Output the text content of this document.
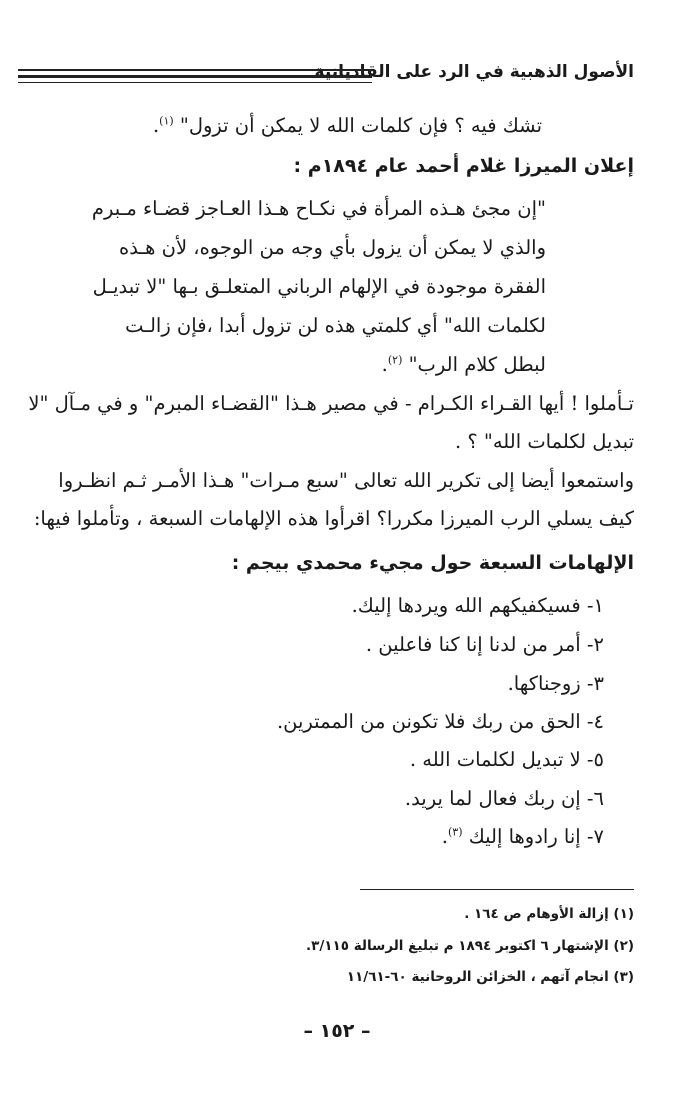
الأصول الذهبية في الرد على القاديانية
تشك فيه ؟ فإن كلمات الله لا يمكن أن تزول" $^{(١)}$.
إعلان الميرزا غلام أحمد عام ١٨٩٤م :
"إن مجئ هـذه المرأة في نكـاح هـذا العـاجز قضـاء مـبرم
والذي لا يمكن أن يزول بأي وجه من الوجوه، لأن هـذه
الفقرة موجودة في الإلهام الرباني المتعلـق بـها "لا تبديـل
لكلمات الله" أي كلمتي هذه لن تزول أبدا ،فإن زالـت
لبطل كلام الرب" $^{(٢)}$.
تـأملوا ! أيها القـراء الكـرام - في مصير هـذا "القضـاء المبرم" و في مـآل "لا
تبديل لكلمات الله" ؟ .
واستمعوا أيضا إلى تكرير الله تعالى "سبع مـرات" هـذا الأمـر ثـم انظـروا
كيف يسلي الرب الميرزا مكررا؟ اقرأوا هذه الإلهامات السبعة ، وتأملوا فيها:
الإلهامات السبعة حول مجيء محمدي بيجم :
١- فسيكفيكهم الله ويردها إليك.
٢- أمر من لدنا إنا كنا فاعلين .
٣- زوجناكها.
٤- الحق من ربك فلا تكونن من الممترين.
٥- لا تبديل لكلمات الله .
٦- إن ربك فعال لما يريد.
٧- إنا رادوها إليك $^{(٣)}$.
(١) إزالة الأوهام ص ١٦٤ .
(٢) الإشتهار ٦ اكتوبر ١٨٩٤ م تبليغ الرسالة ٣/١١٥.
(٣) انجام آتهم ، الخزائن الروحانية ٦٠-١١/٦١
– ١٥٢ –
